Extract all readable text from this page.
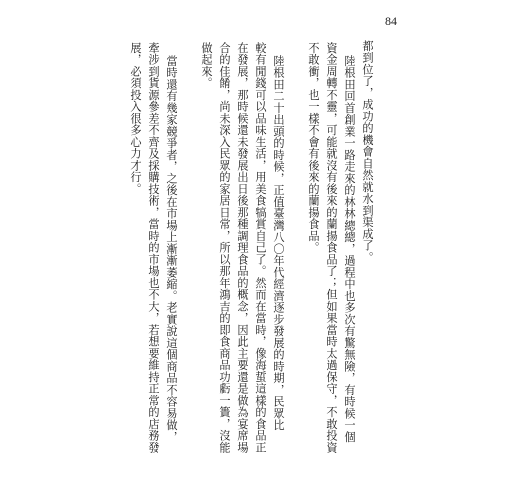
84
都到位了，成功的機會自然就水到渠成了。
陸根田回首創業一路走來的林林總總，過程中也多次有驚無險，有時候一個
資金周轉不靈，可能就沒有後來的蘭揚食品了；但如果當時太過保守，不敢投資
不敢衝，也一樣不會有後來的蘭揚食品。
陸根田二十出頭的時候，正值臺灣八〇年代經濟逐步發展的時期，民眾比
較有閒錢可以品味生活，用美食犒賞自己了。然而在當時，像海蜇這樣的食品正
在發展，那時候還未發展出日後那種調理食品的概念，因此主要還是做為宴席場
合的佳餚，尚未深入民眾的家居日常，所以那年鴻吉的即食商品功虧一簣，沒能
做起來。
當時還有幾家競爭者，之後在市場上漸漸萎縮。老實說這個商品不容易做，
牽涉到貨源參差不齊及採購技術，當時的市場也不大，若想要維持正常的店務發
展，必須投入很多心力才行。
